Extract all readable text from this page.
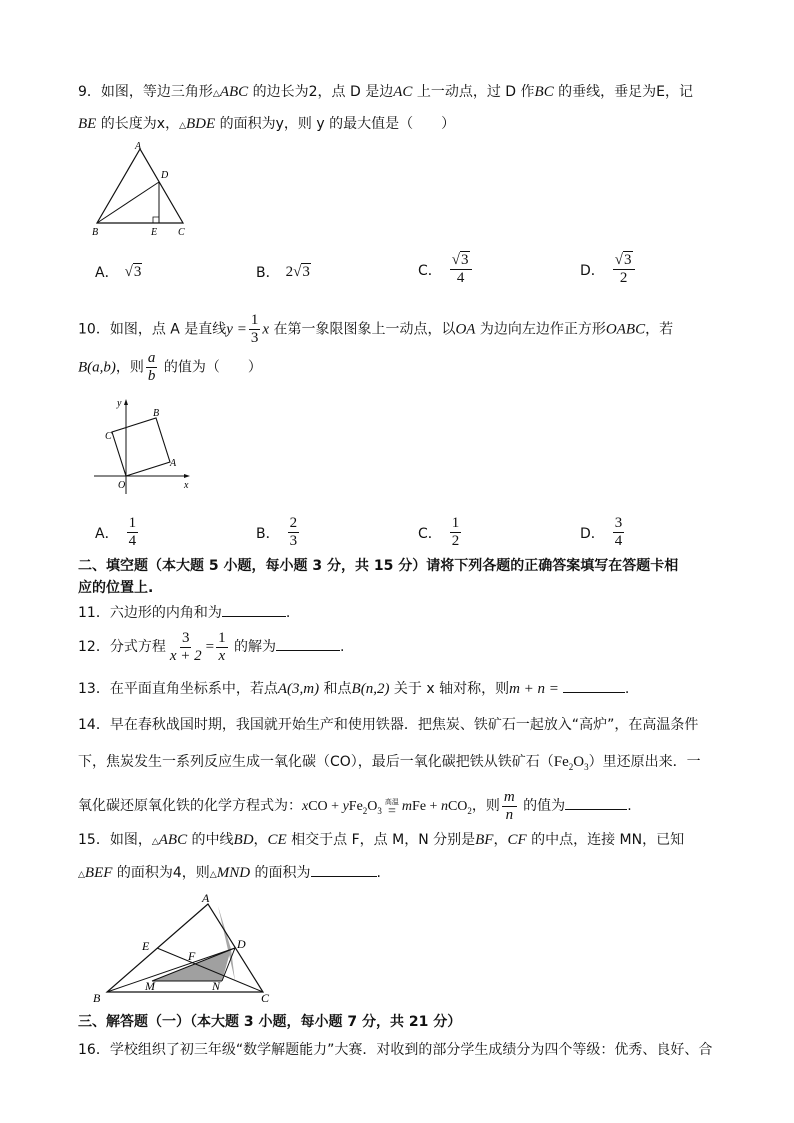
9．如图，等边三角形△ABC 的边长为2，点 D 是边AC 上一动点，过 D 作BC 的垂线，垂足为E，记
BE 的长度为x，△BDE 的面积为y，则 y 的最大值是（　　）
A
D
B	E C
A． √3	B． 2√3	C． $\frac{√3}{4}$	D． $\frac{√3}{2}$
10．如图，点 A 是直线$y = \frac{1}{3}$ x 在第一象限图象上一动点，以OA 为边向左边作正方形OABC，若
B(a,b)，则 $\frac{a}{b}$ 的值为（　　）
y
x
O
A
B
C
A． $\frac{1}{4}$	B． $\frac{2}{3}$	C． $\frac{1}{2}$	D． $\frac{3}{4}$
二、填空题（本大题 5 小题，每小题 3 分，共 15 分）请将下列各题的正确答案填写在答题卡相
应的位置上.
11．六边形的内角和为	.
12．分式方程 $\frac{3}{x + 2} = \frac{1}{x}$ 的解为	.
13．在平面直角坐标系中，若点A(3,m) 和点B(n,2) 关于 x 轴对称，则m + n =	.
14．早在春秋战国时期，我国就开始生产和使用铁器．把焦炭、铁矿石一起放入“高炉”，在高温条件
下，焦炭发生一系列反应生成一氧化碳（CO），最后一氧化碳把铁从铁矿石$(Fe_2O_3)$里还原出来．一
氧化碳还原氧化铁的化学方程式为：xCO + $yFe_2O_3$
高温
= mFe + nCO$_2$，则 $\frac{m}{n}$ 的值为	.
15．如图，△ABC 的中线BD，CE 相交于点 F，点 M，N 分别是BF，CF 的中点，连接 MN，已知
△BEF 的面积为4，则△MND 的面积为	.
A
E	D
F
M	N
B	C
三、解答题（一）（本大题 3 小题，每小题 7 分，共 21 分）
16．学校组织了初三年级“数学解题能力”大赛．对收到的部分学生成绩分为四个等级：优秀、良好、合
